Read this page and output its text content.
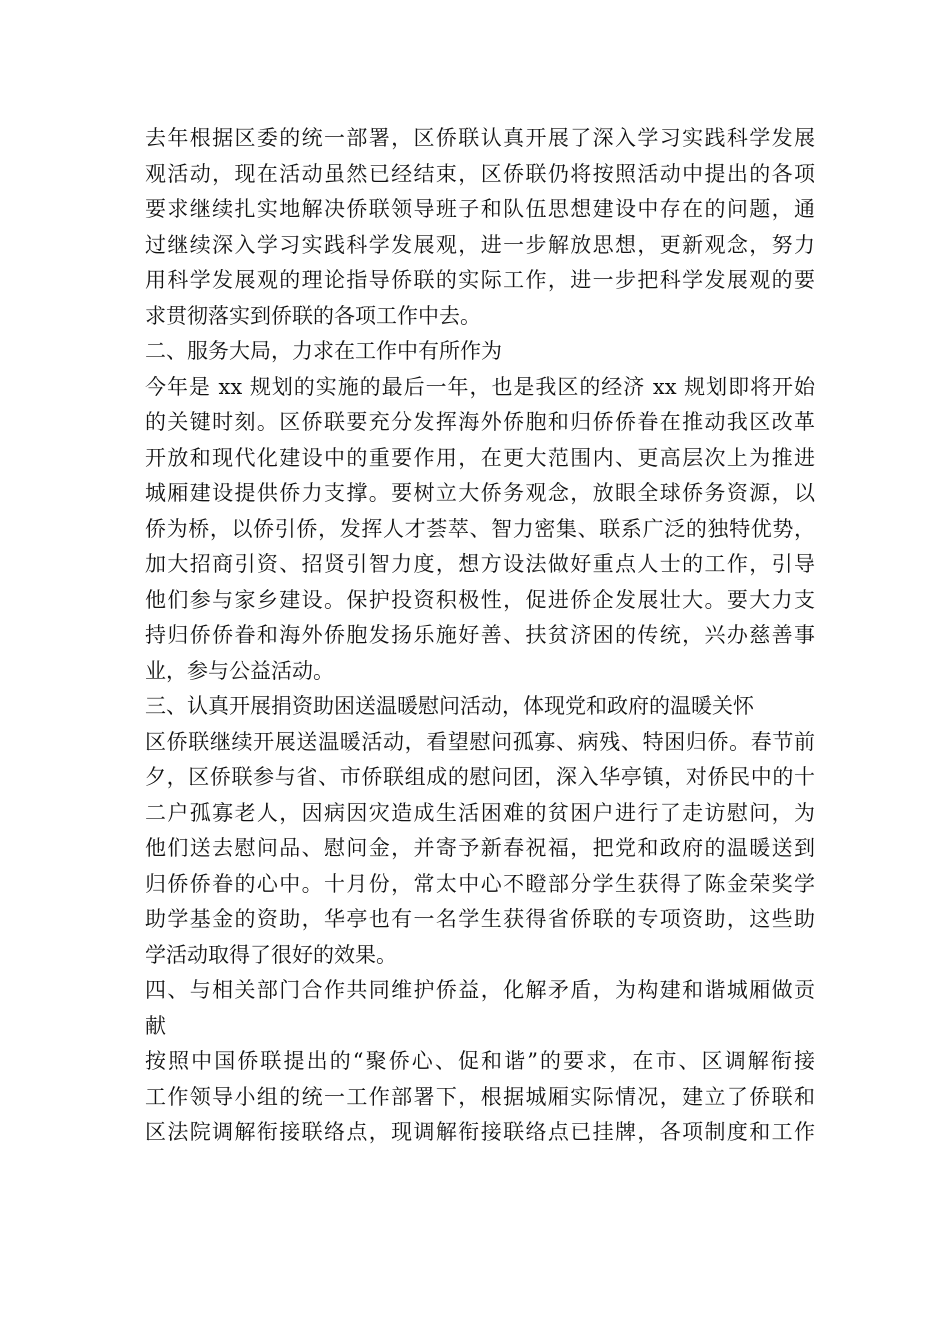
去年根据区委的统一部署，区侨联认真开展了深入学习实践科学发展
观活动，现在活动虽然已经结束，区侨联仍将按照活动中提出的各项
要求继续扎实地解决侨联领导班子和队伍思想建设中存在的问题，通
过继续深入学习实践科学发展观，进一步解放思想，更新观念，努力
用科学发展观的理论指导侨联的实际工作，进一步把科学发展观的要
求贯彻落实到侨联的各项工作中去。
二、服务大局，力求在工作中有所作为
今年是 xx 规划的实施的最后一年，也是我区的经济 xx 规划即将开始
的关键时刻。区侨联要充分发挥海外侨胞和归侨侨眷在推动我区改革
开放和现代化建设中的重要作用，在更大范围内、更高层次上为推进
城厢建设提供侨力支撑。要树立大侨务观念，放眼全球侨务资源，以
侨为桥，以侨引侨，发挥人才荟萃、智力密集、联系广泛的独特优势，
加大招商引资、招贤引智力度，想方设法做好重点人士的工作，引导
他们参与家乡建设。保护投资积极性，促进侨企发展壮大。要大力支
持归侨侨眷和海外侨胞发扬乐施好善、扶贫济困的传统，兴办慈善事
业，参与公益活动。
三、认真开展捐资助困送温暖慰问活动，体现党和政府的温暖关怀
区侨联继续开展送温暖活动，看望慰问孤寡、病残、特困归侨。春节前
夕，区侨联参与省、市侨联组成的慰问团，深入华亭镇，对侨民中的十
二户孤寡老人，因病因灾造成生活困难的贫困户进行了走访慰问，为
他们送去慰问品、慰问金，并寄予新春祝福，把党和政府的温暖送到
归侨侨眷的心中。十月份，常太中心不瞪部分学生获得了陈金荣奖学
助学基金的资助，华亭也有一名学生获得省侨联的专项资助，这些助
学活动取得了很好的效果。
四、与相关部门合作共同维护侨益，化解矛盾，为构建和谐城厢做贡
献
按照中国侨联提出的“聚侨心、促和谐”的要求，在市、区调解衔接
工作领导小组的统一工作部署下，根据城厢实际情况，建立了侨联和
区法院调解衔接联络点，现调解衔接联络点已挂牌，各项制度和工作
